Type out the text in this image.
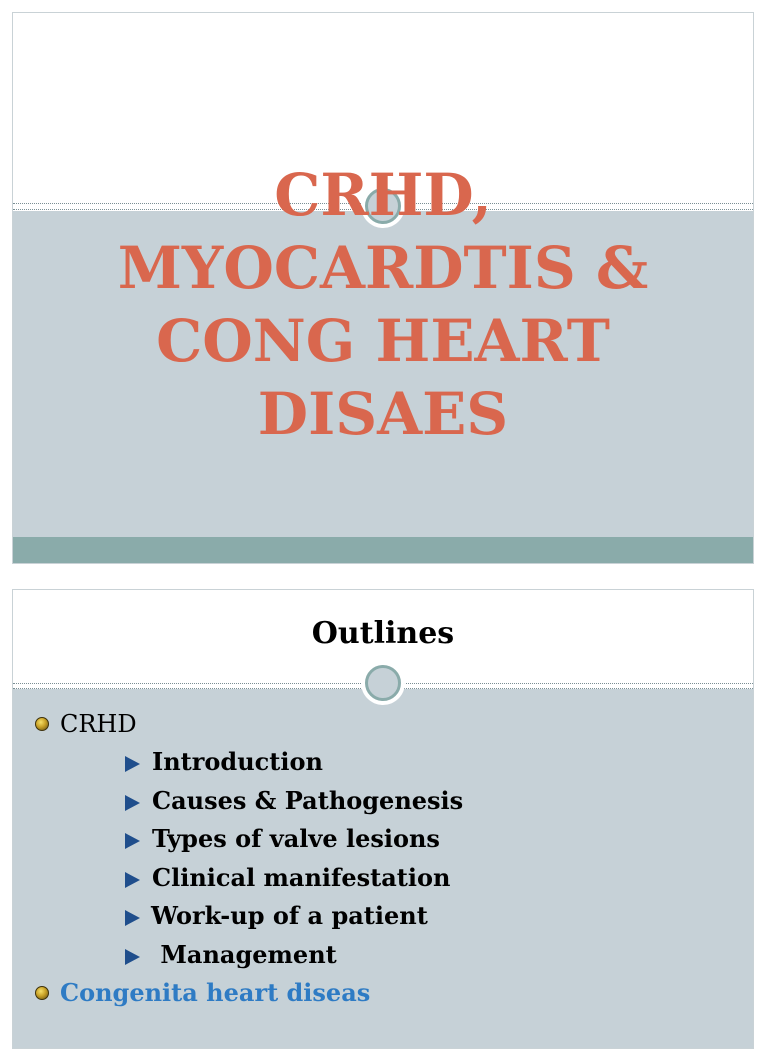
CRHD,
MYOCARDTIS &
CONG HEART
DISAES
Outlines
CRHD
Introduction
Causes & Pathogenesis
Types of valve lesions
Clinical manifestation
Work-up of a patient
Management
Congenita heart diseas
